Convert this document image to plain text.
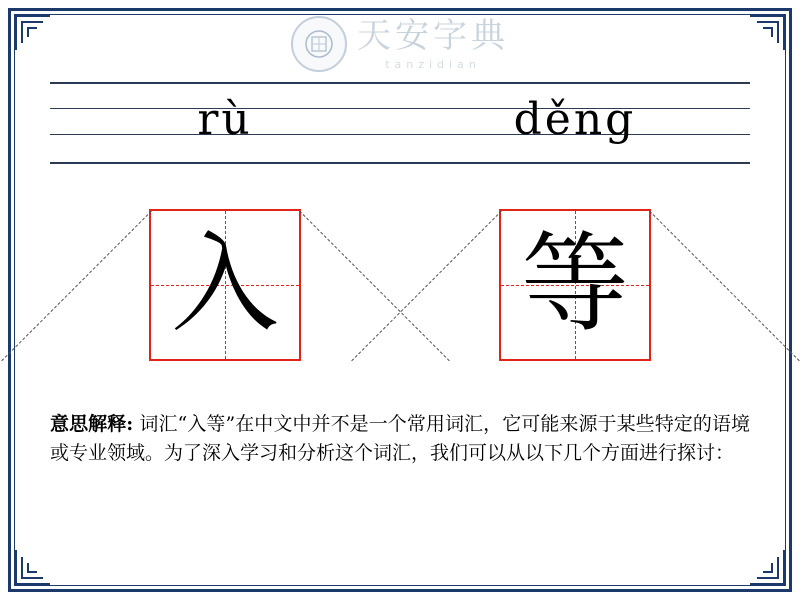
天安字典
tanzidian
rù	děng
入 等
意思解释: 词汇“入等”在中文中并不是一个常用词汇，它可能来源于某些特定的语境或专业领域。为了深入学习和分析这个词汇，我们可以从以下几个方面进行探讨：
